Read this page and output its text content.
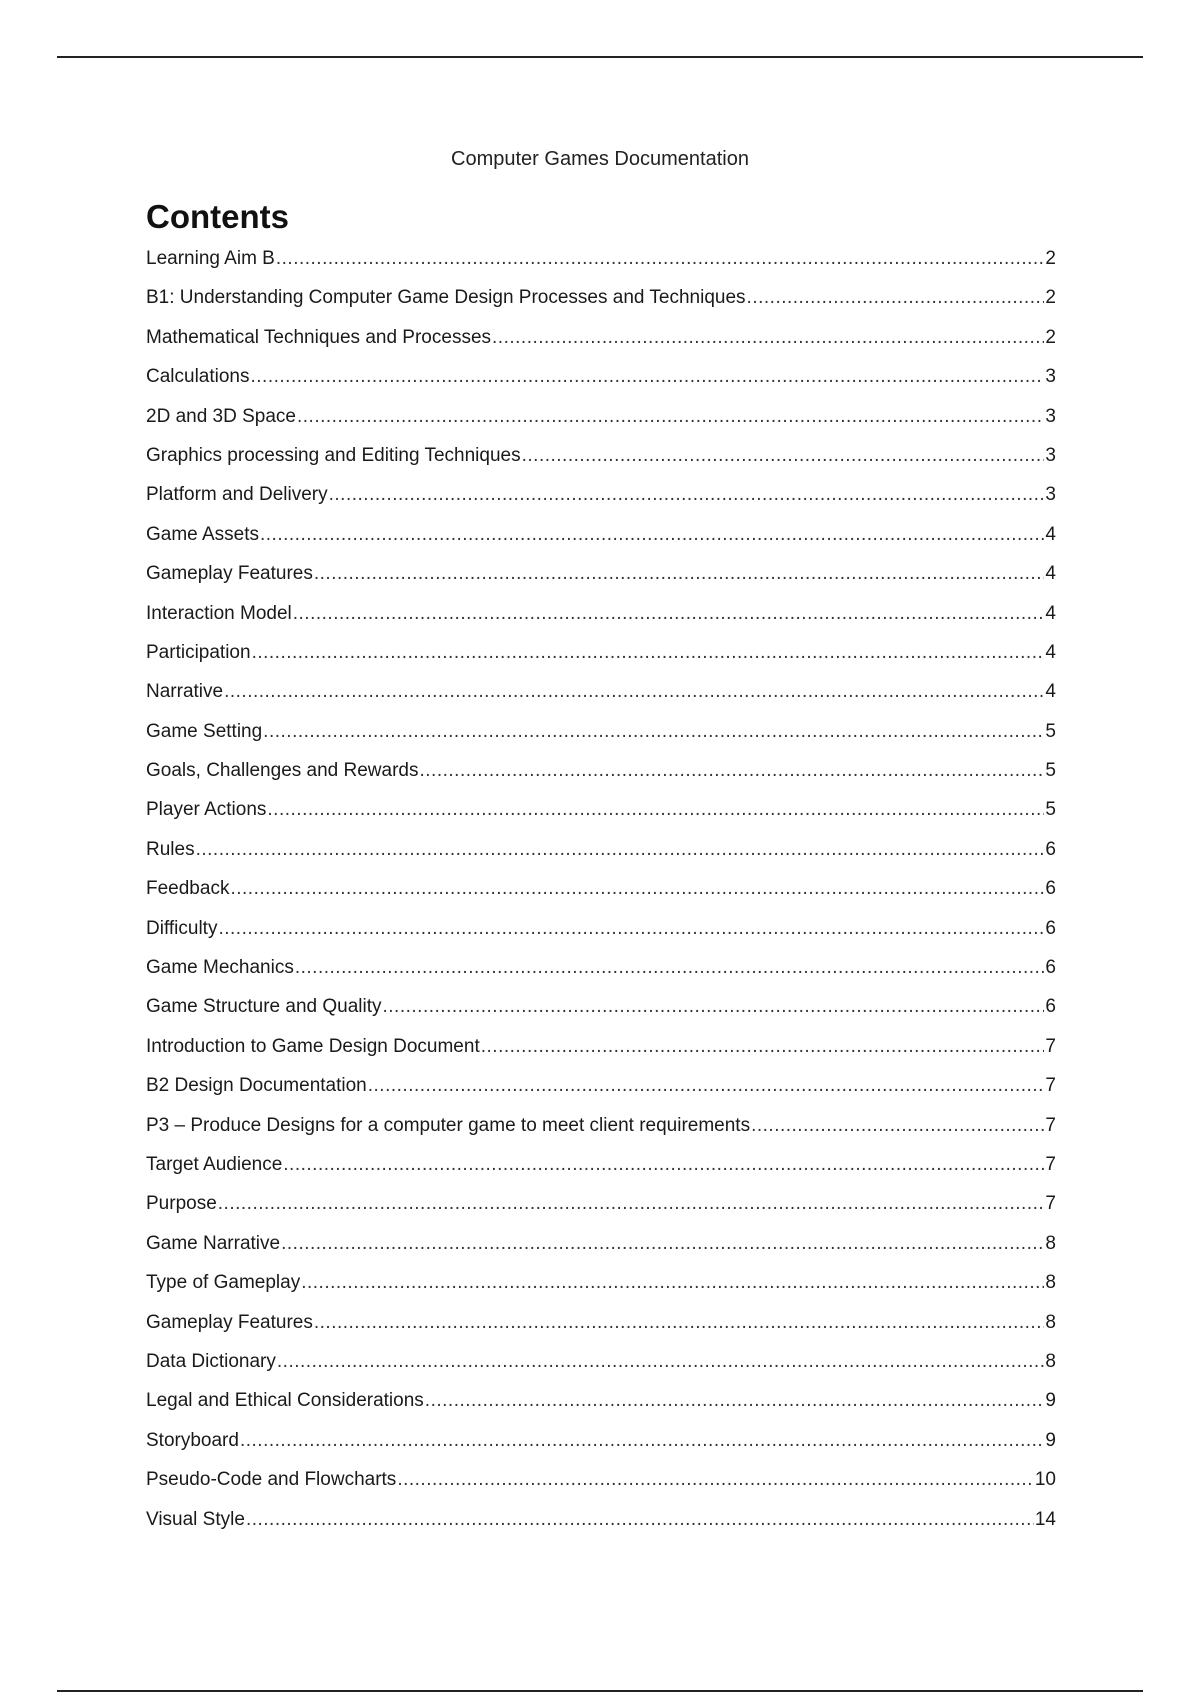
Computer Games Documentation
Contents
Learning Aim B .....	2
B1: Understanding Computer Game Design Processes and Techniques .....	2
Mathematical Techniques and Processes .....	2
Calculations .....	3
2D and 3D Space .....	3
Graphics processing and Editing Techniques .....	3
Platform and Delivery .....	3
Game Assets .....	4
Gameplay Features .....	4
Interaction Model .....	4
Participation .....	4
Narrative .....	4
Game Setting .....	5
Goals, Challenges and Rewards .....	5
Player Actions .....	5
Rules .....	6
Feedback .....	6
Difficulty .....	6
Game Mechanics .....	6
Game Structure and Quality .....	6
Introduction to Game Design Document .....	7
B2 Design Documentation .....	7
P3 – Produce Designs for a computer game to meet client requirements .....	7
Target Audience .....	7
Purpose .....	7
Game Narrative .....	8
Type of Gameplay .....	8
Gameplay Features .....	8
Data Dictionary .....	8
Legal and Ethical Considerations .....	9
Storyboard .....	9
Pseudo-Code and Flowcharts .....	10
Visual Style .....	14
